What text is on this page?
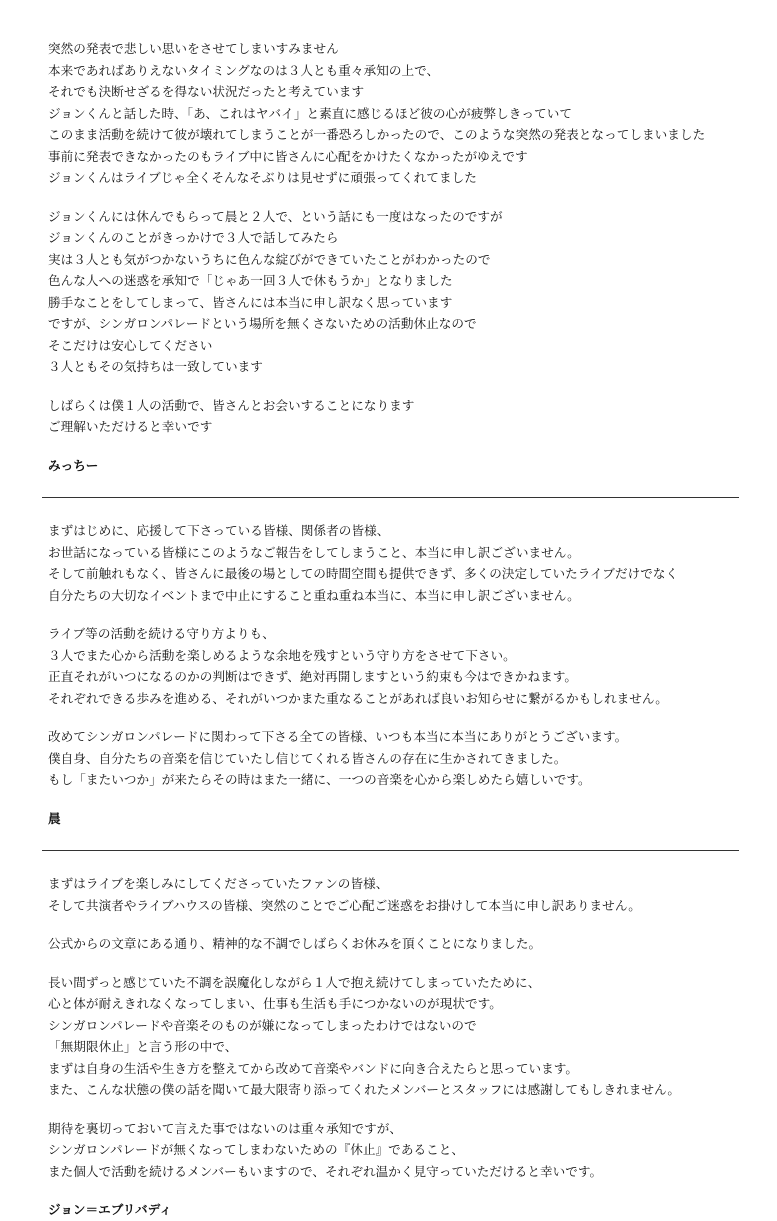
突然の発表で悲しい思いをさせてしまいすみません
本来であればありえないタイミングなのは３人とも重々承知の上で、
それでも決断せざるを得ない状況だったと考えています
ジョンくんと話した時、「あ、これはヤバイ」と素直に感じるほど彼の心が疲弊しきっていて
このまま活動を続けて彼が壊れてしまうことが一番恐ろしかったので、このような突然の発表となってしまいました
事前に発表できなかったのもライブ中に皆さんに心配をかけたくなかったがゆえです
ジョンくんはライブじゃ全くそんなそぶりは見せずに頑張ってくれてました
ジョンくんには休んでもらって晨と２人で、という話にも一度はなったのですが
ジョンくんのことがきっかけで３人で話してみたら
実は３人とも気がつかないうちに色んな綻びができていたことがわかったので
色んな人への迷惑を承知で「じゃあ一回３人で休もうか」となりました
勝手なことをしてしまって、皆さんには本当に申し訳なく思っています
ですが、シンガロンパレードという場所を無くさないための活動休止なので
そこだけは安心してください
３人ともその気持ちは一致しています
しばらくは僕１人の活動で、皆さんとお会いすることになります
ご理解いただけると幸いです
みっちー
まずはじめに、応援して下さっている皆様、関係者の皆様、
お世話になっている皆様にこのようなご報告をしてしまうこと、本当に申し訳ございません。
そして前触れもなく、皆さんに最後の場としての時間空間も提供できず、多くの決定していたライブだけでなく
自分たちの大切なイベントまで中止にすること重ね重ね本当に、本当に申し訳ございません。
ライブ等の活動を続ける守り方よりも、
３人でまた心から活動を楽しめるような余地を残すという守り方をさせて下さい。
正直それがいつになるのかの判断はできず、絶対再開しますという約束も今はできかねます。
それぞれできる歩みを進める、それがいつかまた重なることがあれば良いお知らせに繋がるかもしれません。
改めてシンガロンパレードに関わって下さる全ての皆様、いつも本当に本当にありがとうございます。
僕自身、自分たちの音楽を信じていたし信じてくれる皆さんの存在に生かされてきました。
もし「またいつか」が来たらその時はまた一緒に、一つの音楽を心から楽しめたら嬉しいです。
晨
まずはライブを楽しみにしてくださっていたファンの皆様、
そして共演者やライブハウスの皆様、突然のことでご心配ご迷惑をお掛けして本当に申し訳ありません。
公式からの文章にある通り、精神的な不調でしばらくお休みを頂くことになりました。
長い間ずっと感じていた不調を誤魔化しながら１人で抱え続けてしまっていたために、
心と体が耐えきれなくなってしまい、仕事も生活も手につかないのが現状です。
シンガロンパレードや音楽そのものが嫌になってしまったわけではないので
「無期限休止」と言う形の中で、
まずは自身の生活や生き方を整えてから改めて音楽やバンドに向き合えたらと思っています。
また、こんな状態の僕の話を聞いて最大限寄り添ってくれたメンバーとスタッフには感謝してもしきれません。
期待を裏切っておいて言えた事ではないのは重々承知ですが、
シンガロンパレードが無くなってしまわないための『休止』であること、
また個人で活動を続けるメンバーもいますので、それぞれ温かく見守っていただけると幸いです。
ジョン＝エブリバディ
